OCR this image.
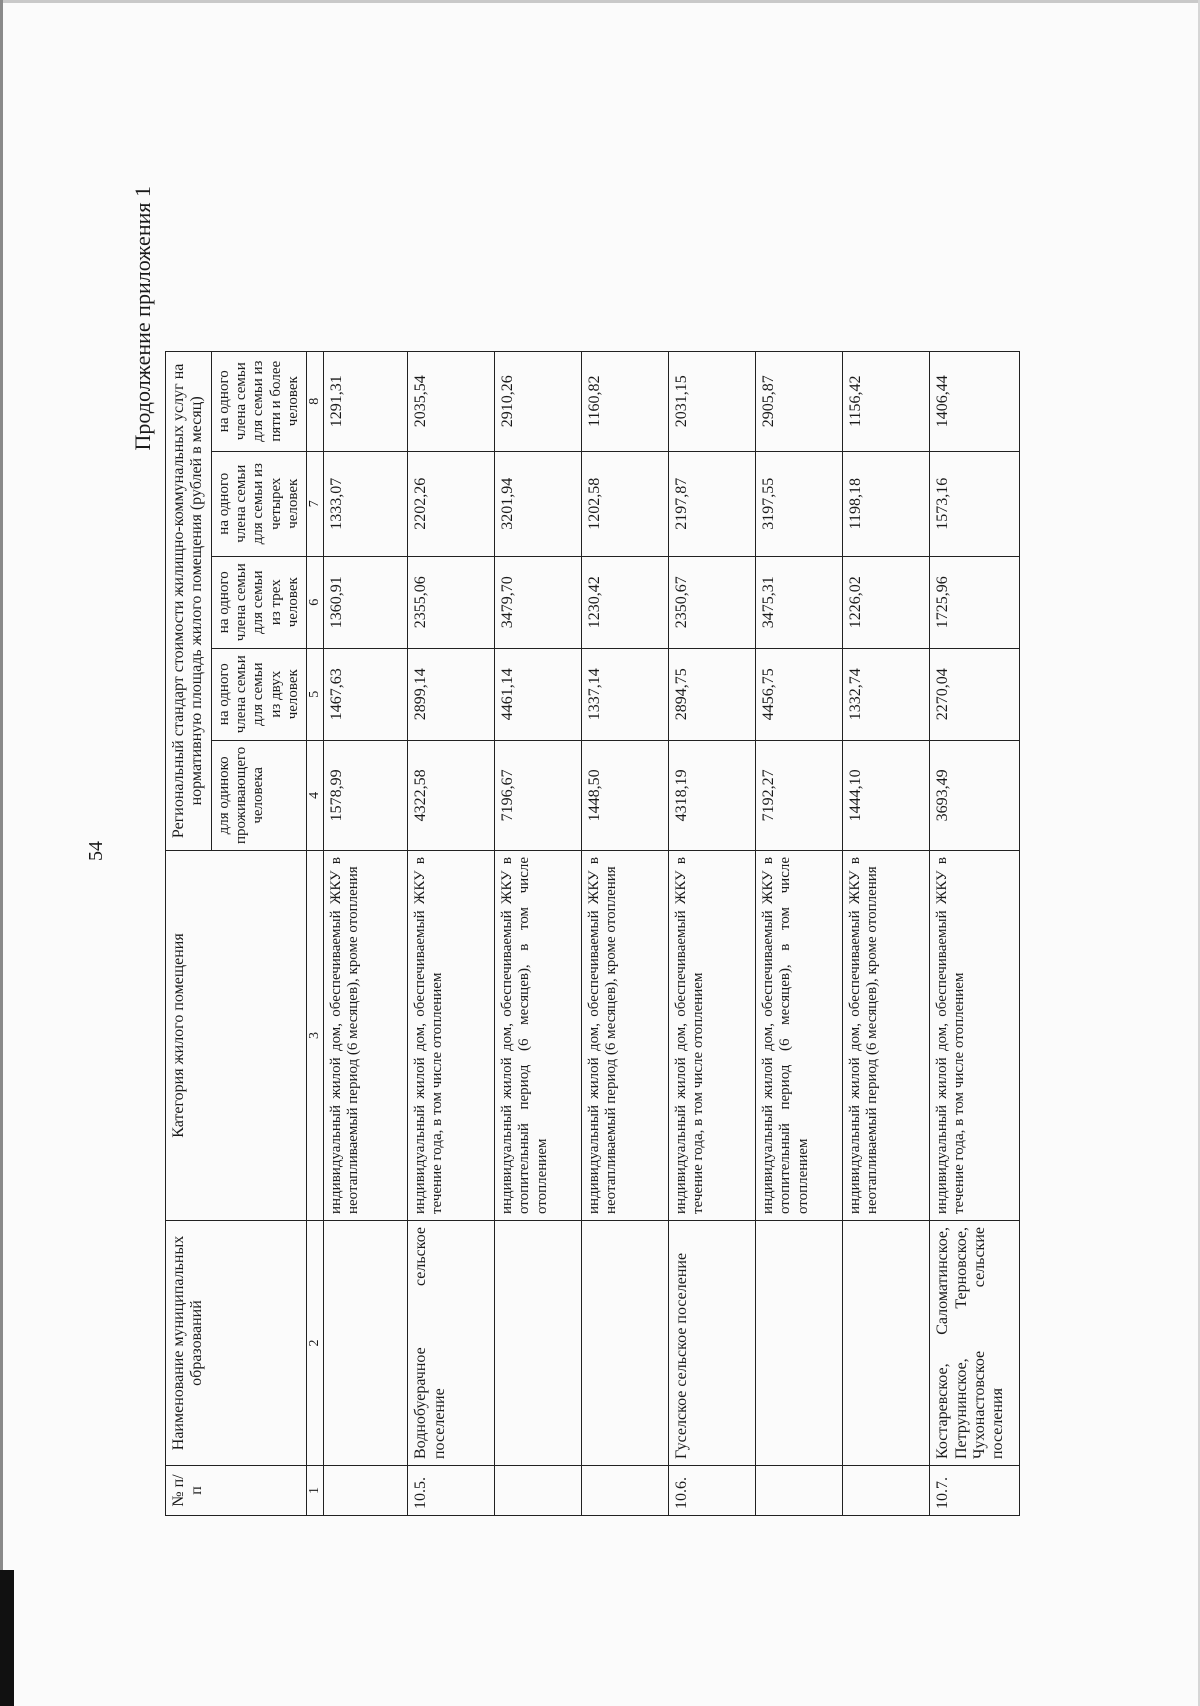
54
Продолжение приложения 1
№ п/п	Наименование муниципальных образований	Категория жилого помещения	Региональный стандарт стоимости жилищно-коммунальных услуг на нормативную площадь жилого помещения (рублей в месяц)				
			для одиноко проживающего человека	на одного члена семьи для семьи из двух человек	на одного члена семьи для семьи из трех человек	на одного члена семьи для семьи из четырех человек	на одного члена семьи для семьи из пяти и более человек
1	2	3	4	5	6	7	8
		индивидуальный жилой дом, обеспечиваемый ЖКУ в неотапливаемый период (6 месяцев), кроме отопления	1578,99	1467,63	1360,91	1333,07	1291,31
10.5.	Воднобуерачное сельское поселение	индивидуальный жилой дом, обеспечиваемый ЖКУ в течение года, в том числе отоплением	4322,58	2899,14	2355,06	2202,26	2035,54
		индивидуальный жилой дом, обеспечиваемый ЖКУ в отопительный период (6 месяцев), в том числе отоплением	7196,67	4461,14	3479,70	3201,94	2910,26
		индивидуальный жилой дом, обеспечиваемый ЖКУ в неотапливаемый период (6 месяцев), кроме отопления	1448,50	1337,14	1230,42	1202,58	1160,82
10.6.	Гуселское сельское поселение	индивидуальный жилой дом, обеспечиваемый ЖКУ в течение года, в том числе отоплением	4318,19	2894,75	2350,67	2197,87	2031,15
		индивидуальный жилой дом, обеспечиваемый ЖКУ в отопительный период (6 месяцев), в том числе отоплением	7192,27	4456,75	3475,31	3197,55	2905,87
		индивидуальный жилой дом, обеспечиваемый ЖКУ в неотапливаемый период (6 месяцев), кроме отопления	1444,10	1332,74	1226,02	1198,18	1156,42
10.7.	Костаревское, Саломатинское, Петрунинское, Терновское, Чухонастовское сельские поселения	индивидуальный жилой дом, обеспечиваемый ЖКУ в течение года, в том числе отоплением	3693,49	2270,04	1725,96	1573,16	1406,44
